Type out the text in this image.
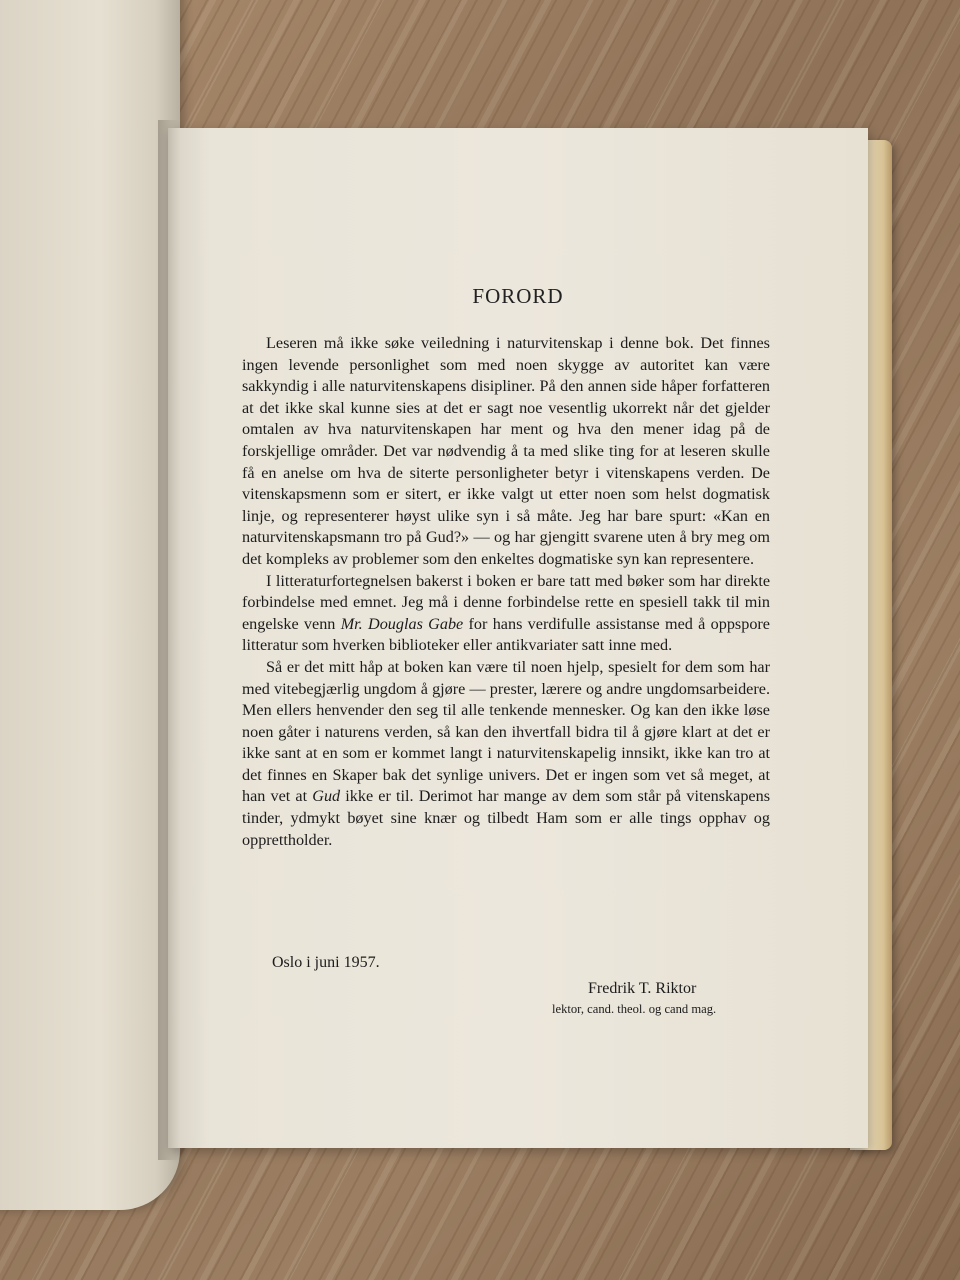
FORORD

Leseren må ikke søke veiledning i naturvitenskap i denne bok. Det finnes ingen levende personlighet som med noen skygge av autoritet kan være sakkyndig i alle naturvitenskapens disipliner. På den annen side håper forfatteren at det ikke skal kunne sies at det er sagt noe vesentlig ukorrekt når det gjelder omtalen av hva naturvitenskapen har ment og hva den mener idag på de forskjellige områder. Det var nødvendig å ta med slike ting for at leseren skulle få en anelse om hva de siterte personligheter betyr i vitenskapens verden. De vitenskapsmenn som er sitert, er ikke valgt ut etter noen som helst dogmatisk linje, og representerer høyst ulike syn i så måte. Jeg har bare spurt: «Kan en naturvitenskapsmann tro på Gud?» — og har gjengitt svarene uten å bry meg om det kompleks av problemer som den enkeltes dogmatiske syn kan representere.

I litteraturfortegnelsen bakerst i boken er bare tatt med bøker som har direkte forbindelse med emnet. Jeg må i denne forbindelse rette en spesiell takk til min engelske venn Mr. Douglas Gabe for hans verdifulle assistanse med å oppspore litteratur som hverken biblioteker eller antikvariater satt inne med.

Så er det mitt håp at boken kan være til noen hjelp, spesielt for dem som har med vitebegjærlig ungdom å gjøre — prester, lærere og andre ungdomsarbeidere. Men ellers henvender den seg til alle tenkende mennesker. Og kan den ikke løse noen gåter i naturens verden, så kan den ihvertfall bidra til å gjøre klart at det er ikke sant at en som er kommet langt i naturvitenskapelig innsikt, ikke kan tro at det finnes en Skaper bak det synlige univers. Det er ingen som vet så meget, at han vet at Gud ikke er til. Derimot har mange av dem som står på vitenskapens tinder, ydmykt bøyet sine knær og tilbedt Ham som er alle tings opphav og opprettholder.

Oslo i juni 1957.
Fredrik T. Riktor
lektor, cand. theol. og cand mag.
